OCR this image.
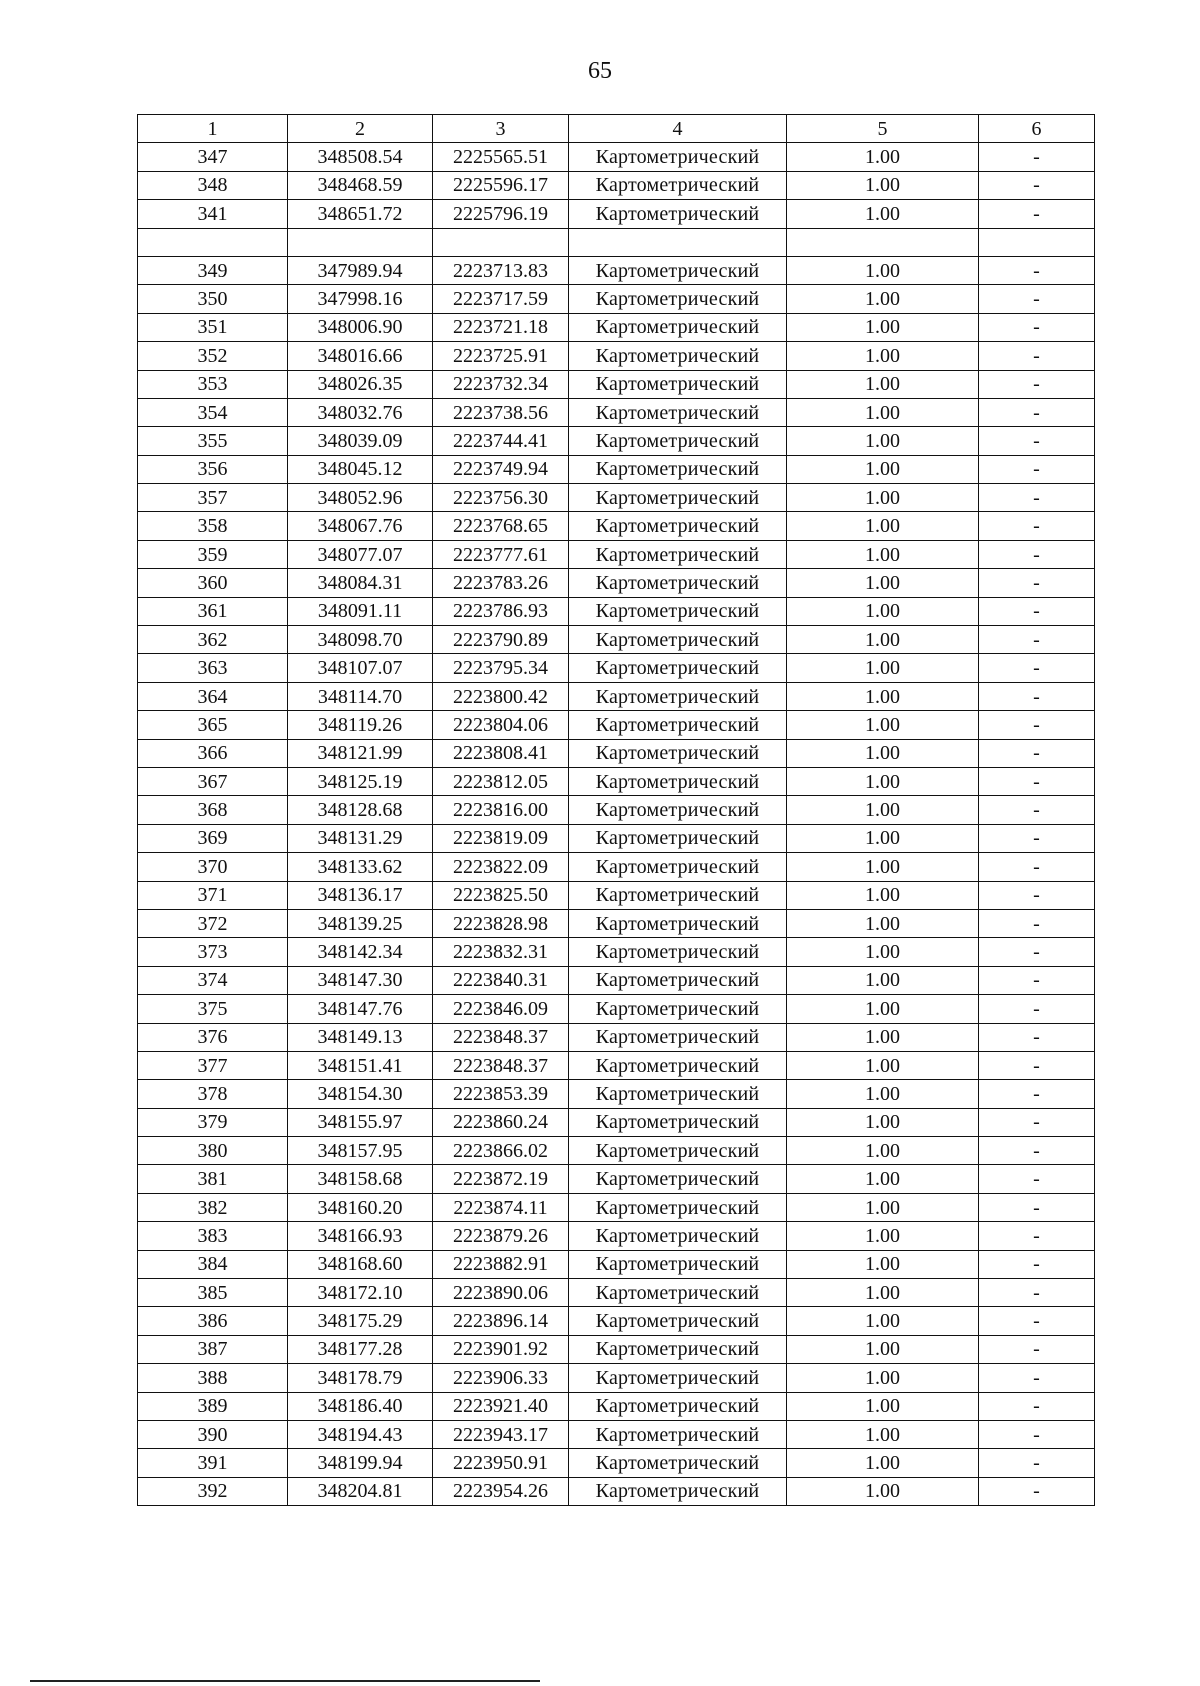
65
1	2	3	4	5	6
347	348508.54	2225565.51	Картометрический	1.00	-
348	348468.59	2225596.17	Картометрический	1.00	-
341	348651.72	2225796.19	Картометрический	1.00	-

349	347989.94	2223713.83	Картометрический	1.00	-
350	347998.16	2223717.59	Картометрический	1.00	-
351	348006.90	2223721.18	Картометрический	1.00	-
352	348016.66	2223725.91	Картометрический	1.00	-
353	348026.35	2223732.34	Картометрический	1.00	-
354	348032.76	2223738.56	Картометрический	1.00	-
355	348039.09	2223744.41	Картометрический	1.00	-
356	348045.12	2223749.94	Картометрический	1.00	-
357	348052.96	2223756.30	Картометрический	1.00	-
358	348067.76	2223768.65	Картометрический	1.00	-
359	348077.07	2223777.61	Картометрический	1.00	-
360	348084.31	2223783.26	Картометрический	1.00	-
361	348091.11	2223786.93	Картометрический	1.00	-
362	348098.70	2223790.89	Картометрический	1.00	-
363	348107.07	2223795.34	Картометрический	1.00	-
364	348114.70	2223800.42	Картометрический	1.00	-
365	348119.26	2223804.06	Картометрический	1.00	-
366	348121.99	2223808.41	Картометрический	1.00	-
367	348125.19	2223812.05	Картометрический	1.00	-
368	348128.68	2223816.00	Картометрический	1.00	-
369	348131.29	2223819.09	Картометрический	1.00	-
370	348133.62	2223822.09	Картометрический	1.00	-
371	348136.17	2223825.50	Картометрический	1.00	-
372	348139.25	2223828.98	Картометрический	1.00	-
373	348142.34	2223832.31	Картометрический	1.00	-
374	348147.30	2223840.31	Картометрический	1.00	-
375	348147.76	2223846.09	Картометрический	1.00	-
376	348149.13	2223848.37	Картометрический	1.00	-
377	348151.41	2223848.37	Картометрический	1.00	-
378	348154.30	2223853.39	Картометрический	1.00	-
379	348155.97	2223860.24	Картометрический	1.00	-
380	348157.95	2223866.02	Картометрический	1.00	-
381	348158.68	2223872.19	Картометрический	1.00	-
382	348160.20	2223874.11	Картометрический	1.00	-
383	348166.93	2223879.26	Картометрический	1.00	-
384	348168.60	2223882.91	Картометрический	1.00	-
385	348172.10	2223890.06	Картометрический	1.00	-
386	348175.29	2223896.14	Картометрический	1.00	-
387	348177.28	2223901.92	Картометрический	1.00	-
388	348178.79	2223906.33	Картометрический	1.00	-
389	348186.40	2223921.40	Картометрический	1.00	-
390	348194.43	2223943.17	Картометрический	1.00	-
391	348199.94	2223950.91	Картометрический	1.00	-
392	348204.81	2223954.26	Картометрический	1.00	-
